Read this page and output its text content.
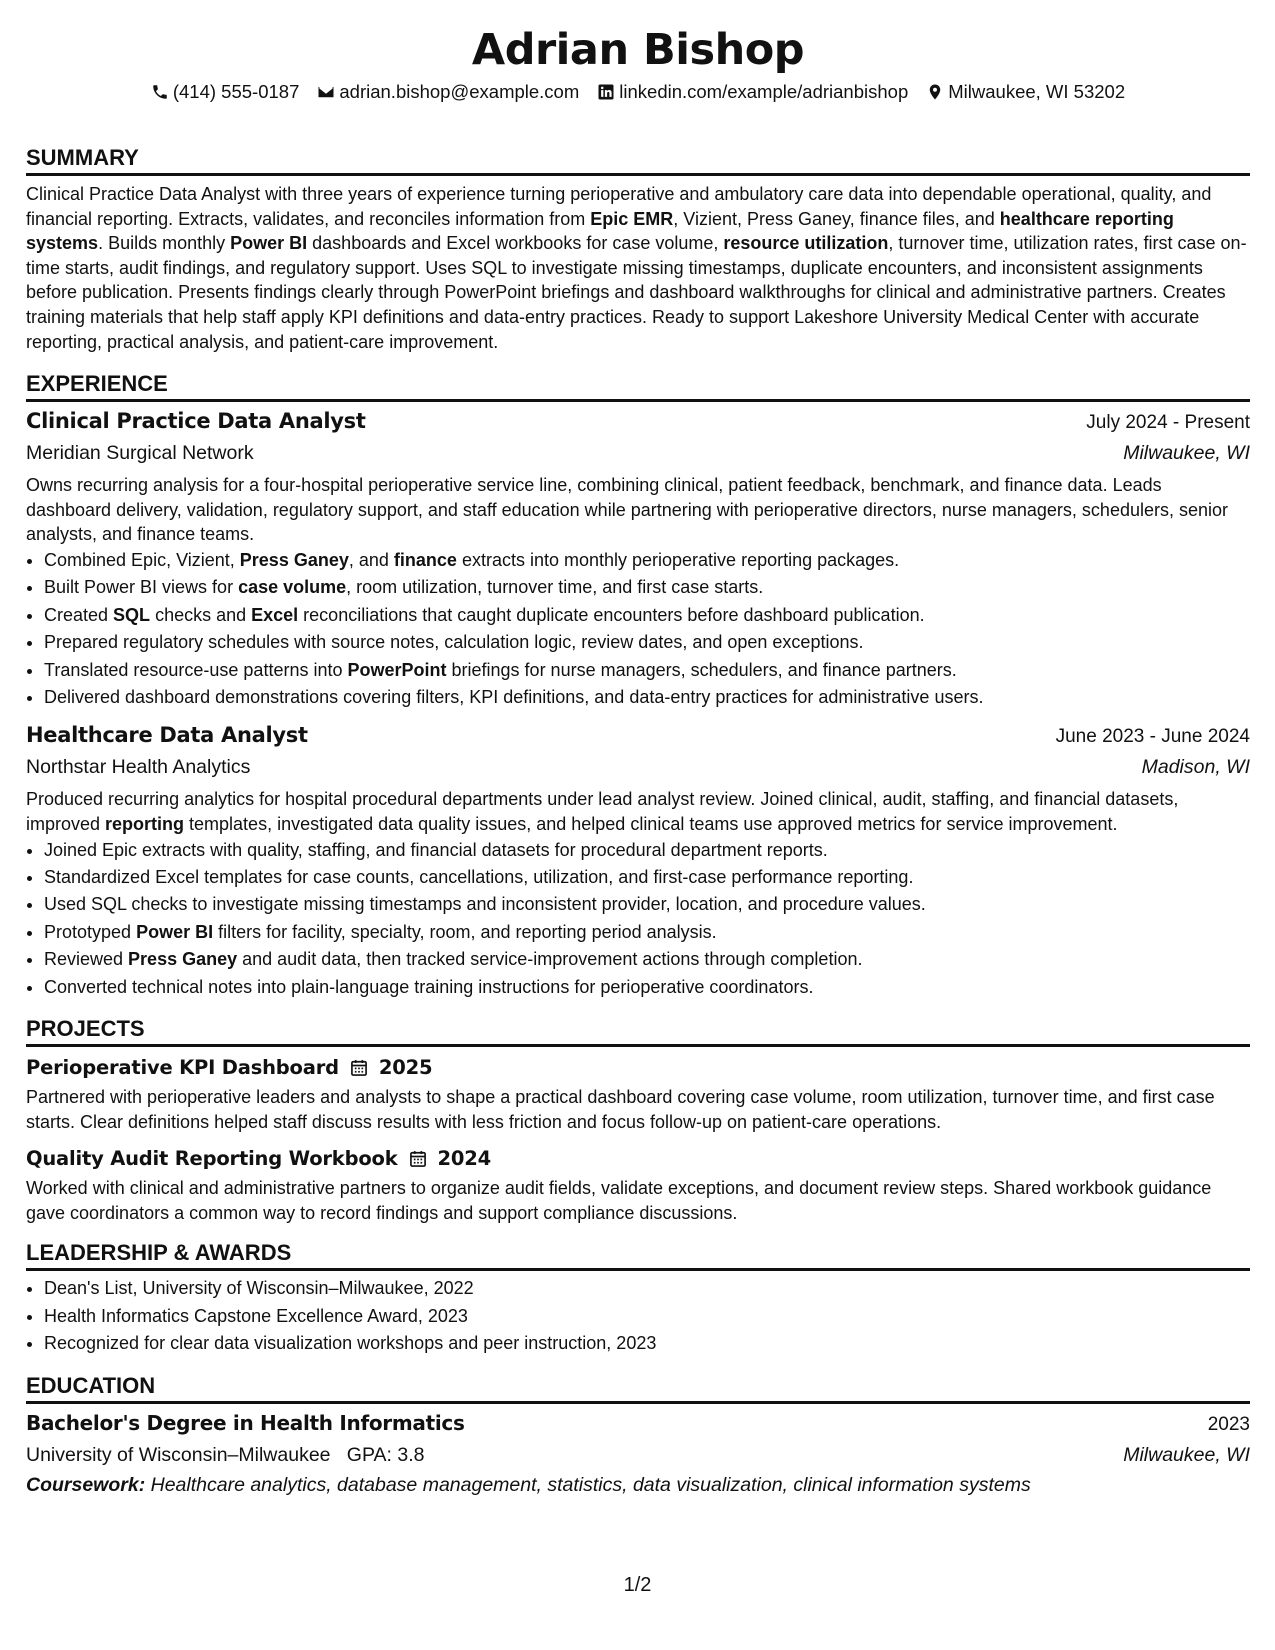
Adrian Bishop
(414) 555-0187 adrian.bishop@example.com linkedin.com/example/adrianbishop Milwaukee, WI 53202
SUMMARY

Clinical Practice Data Analyst with three years of experience turning perioperative and ambulatory care data into dependable operational, quality, and financial reporting. Extracts, validates, and reconciles information from Epic EMR, Vizient, Press Ganey, finance files, and healthcare reporting systems. Builds monthly Power BI dashboards and Excel workbooks for case volume, resource utilization, turnover time, utilization rates, first case on-time starts, audit findings, and regulatory support. Uses SQL to investigate missing timestamps, duplicate encounters, and inconsistent assignments before publication. Presents findings clearly through PowerPoint briefings and dashboard walkthroughs for clinical and administrative partners. Creates training materials that help staff apply KPI definitions and data-entry practices. Ready to support Lakeshore University Medical Center with accurate reporting, practical analysis, and patient-care improvement.

EXPERIENCE
Clinical Practice Data Analyst	July 2024 - Present
Meridian Surgical Network	Milwaukee, WI

Owns recurring analysis for a four-hospital perioperative service line, combining clinical, patient feedback, benchmark, and finance data. Leads dashboard delivery, validation, regulatory support, and staff education while partnering with perioperative directors, nurse managers, schedulers, senior analysts, and finance teams.

• Combined Epic, Vizient, Press Ganey, and finance extracts into monthly perioperative reporting packages.
• Built Power BI views for case volume, room utilization, turnover time, and first case starts.
• Created SQL checks and Excel reconciliations that caught duplicate encounters before dashboard publication.
• Prepared regulatory schedules with source notes, calculation logic, review dates, and open exceptions.
• Translated resource-use patterns into PowerPoint briefings for nurse managers, schedulers, and finance partners.
• Delivered dashboard demonstrations covering filters, KPI definitions, and data-entry practices for administrative users.
Healthcare Data Analyst	June 2023 - June 2024
Northstar Health Analytics	Madison, WI

Produced recurring analytics for hospital procedural departments under lead analyst review. Joined clinical, audit, staffing, and financial datasets, improved reporting templates, investigated data quality issues, and helped clinical teams use approved metrics for service improvement.

• Joined Epic extracts with quality, staffing, and financial datasets for procedural department reports.
• Standardized Excel templates for case counts, cancellations, utilization, and first-case performance reporting.
• Used SQL checks to investigate missing timestamps and inconsistent provider, location, and procedure values.
• Prototyped Power BI filters for facility, specialty, room, and reporting period analysis.
• Reviewed Press Ganey and audit data, then tracked service-improvement actions through completion.
• Converted technical notes into plain-language training instructions for perioperative coordinators.
PROJECTS
Perioperative KPI Dashboard 2025

Partnered with perioperative leaders and analysts to shape a practical dashboard covering case volume, room utilization, turnover time, and first case starts. Clear definitions helped staff discuss results with less friction and focus follow-up on patient-care operations.

Quality Audit Reporting Workbook 2024

Worked with clinical and administrative partners to organize audit fields, validate exceptions, and document review steps. Shared workbook guidance gave coordinators a common way to record findings and support compliance discussions.

LEADERSHIP & AWARDS
• Dean's List, University of Wisconsin–Milwaukee, 2022
• Health Informatics Capstone Excellence Award, 2023
• Recognized for clear data visualization workshops and peer instruction, 2023
EDUCATION
Bachelor's Degree in Health Informatics	2023
University of Wisconsin–Milwaukee GPA: 3.8	Milwaukee, WI
Coursework: Healthcare analytics, database management, statistics, data visualization, clinical information systems
1/2
